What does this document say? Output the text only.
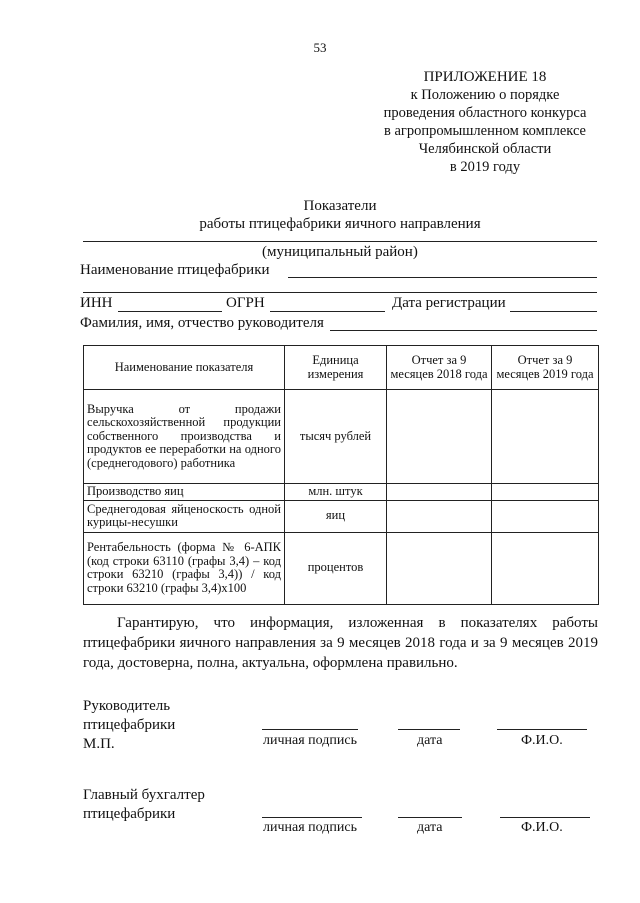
53
ПРИЛОЖЕНИЕ 18
к Положению о порядке
проведения областного конкурса
в агропромышленном комплексе
Челябинской области
в 2019 году
Показатели
работы птицефабрики яичного направления
(муниципальный район)
Наименование птицефабрики
ИНН	ОГРН	Дата регистрации
Фамилия, имя, отчество руководителя
Наименование показателя	Единица измерения	Отчет за 9 месяцев 2018 года	Отчет за 9 месяцев 2019 года
Выручка от продажи сельскохозяйственной продукции собственного производства и продуктов ее переработки на одного (среднегодового) работника	тысяч рублей		
Производство яиц	млн. штук		
Среднегодовая яйценоскость одной курицы-несушки	яиц		
Рентабельность (форма № 6-АПК (код строки 63110 (графы 3,4) – код строки 63210 (графы 3,4)) / код строки 63210 (графы 3,4)х100	процентов		
Гарантирую, что информация, изложенная в показателях работы птицефабрики яичного направления за 9 месяцев 2018 года и за 9 месяцев 2019 года, достоверна, полна, актуальна, оформлена правильно.
Руководитель
птицефабрики
М.П.	личная подпись	дата	Ф.И.О.
Главный бухгалтер
птицефабрики
личная подпись	дата	Ф.И.О.
